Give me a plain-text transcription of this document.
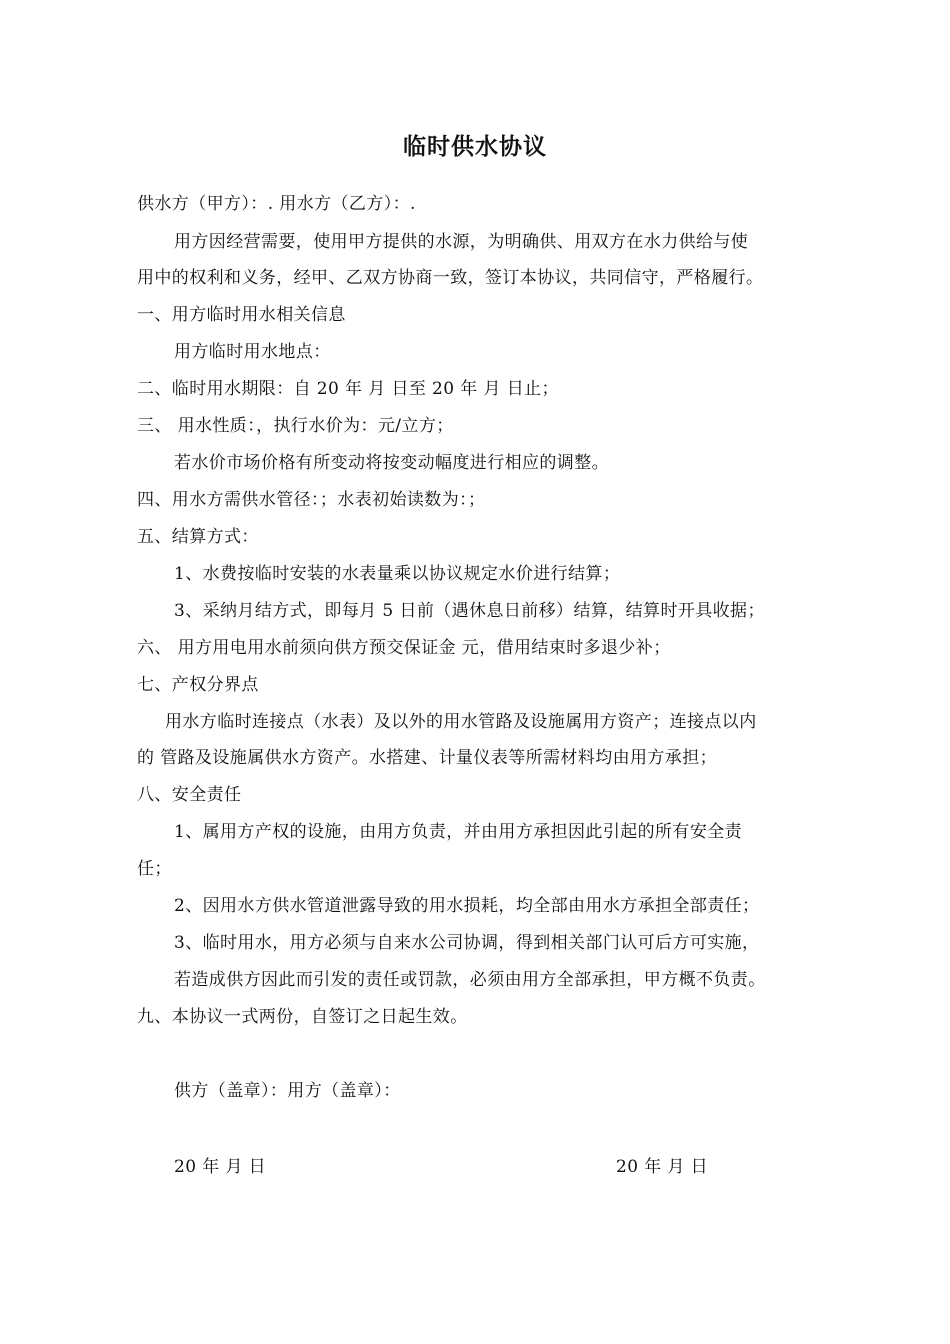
临时供水协议
供水方（甲方）：. 用水方（乙方）：.
用方因经营需要，使用甲方提供的水源，为明确供、用双方在水力供给与使
用中的权利和义务，经甲、乙双方协商一致，签订本协议，共同信守，严格履行。
一、用方临时用水相关信息
用方临时用水地点：
二、临时用水期限：自 20 年 月 日至 20 年 月 日止；
三、 用水性质：，执行水价为：元/立方；
若水价市场价格有所变动将按变动幅度进行相应的调整。
四、用水方需供水管径：；水表初始读数为：；
五、结算方式：
1、水费按临时安装的水表量乘以协议规定水价进行结算；
3、采纳月结方式，即每月 5 日前（遇休息日前移）结算，结算时开具收据；
六、 用方用电用水前须向供方预交保证金 元，借用结束时多退少补；
七、产权分界点
用水方临时连接点（水表）及以外的用水管路及设施属用方资产；连接点以内
的 管路及设施属供水方资产。水搭建、计量仪表等所需材料均由用方承担；
八、安全责任
1、属用方产权的设施，由用方负责，并由用方承担因此引起的所有安全责
任；
2、因用水方供水管道泄露导致的用水损耗，均全部由用水方承担全部责任；
3、临时用水，用方必须与自来水公司协调，得到相关部门认可后方可实施，
若造成供方因此而引发的责任或罚款，必须由用方全部承担，甲方概不负责。
九、本协议一式两份，自签订之日起生效。
供方（盖章）：用方（盖章）：
20 年 月 日	20 年 月 日
